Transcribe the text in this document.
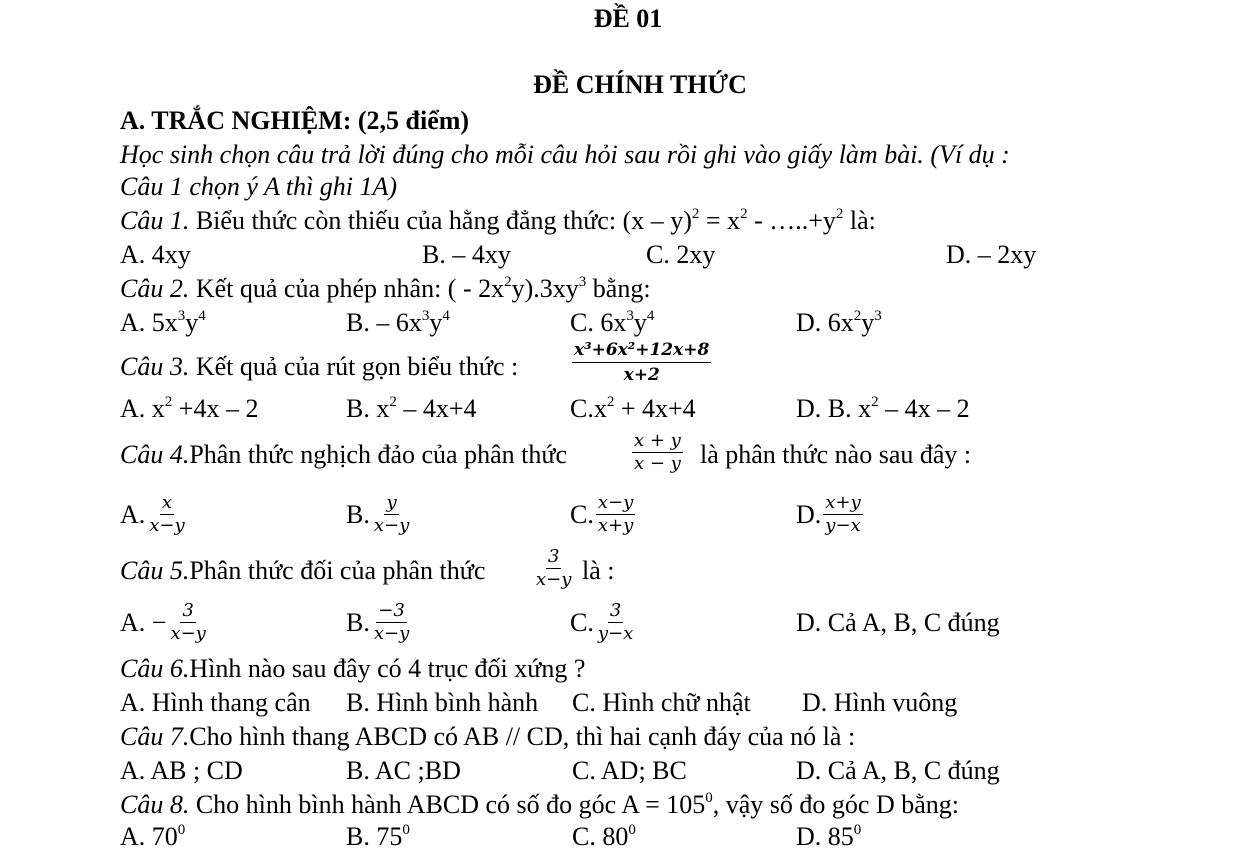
ĐỀ 01
ĐỀ CHÍNH THỨC
A. TRẮC NGHIỆM: (2,5 điểm)
Học sinh chọn câu trả lời đúng cho mỗi câu hỏi sau rồi ghi vào giấy làm bài. (Ví dụ :
Câu 1 chọn ý A thì ghi 1A)
Câu 1. Biểu thức còn thiếu của hằng đẳng thức: $(x - y)^2 = x^2$ - $\dots..+y^2$ là:
A. 4xy	B. – 4xy	C. 2xy	D. – 2xy
Câu 2. Kết quả của phép nhân: ( - $2x^2y).3xy^3$ bằng:
A. $5x^3y^4$	B. – $6x^3y^4$	C. $6x^3y^4$	D. $6x^2y^3$
Câu 3. Kết quả của rút gọn biểu thức :	$\frac{\text{x³+6x²+12x+8}}{x+2}$
A. $x^2 +4x - 2$	B. $x^2 - 4x+4$	$C.x^2 + 4x+4$	D. B. $x^2 - 4x - 2$
Câu 4.Phân thức nghịch đảo của phân thức	$\frac{x + y}{x - y}$ là phân thức nào sau đây :
A. $\frac{x}{x-y}$	B. $\frac{y}{x-y}$	C. $\frac{x-y}{x+y}$	D. $\frac{x+y}{y-x}$
Câu 5.Phân thức đối của phân thức	$\frac{3}{x-y}$ là :
A. − $\frac{3}{x-y}$	B. $\frac{-3}{x-y}$	C. $\frac{3}{y-x}$	D. Cả A, B, C đúng
Câu 6.Hình nào sau đây có 4 trục đối xứng ?
A. Hình thang cân B. Hình bình hành C. Hình chữ nhật D. Hình vuông
Câu 7.Cho hình thang ABCD có AB // CD, thì hai cạnh đáy của nó là :
A. AB ; CD	B. AC ;BD	C. AD; BC	D. Cả A, B, C đúng
Câu 8. Cho hình bình hành ABCD có số đo góc $A = 105^0$, vậy số đo góc D bằng:
A. $70^0$	B. $75^0$	C. $80^0$	D. $85^0$
